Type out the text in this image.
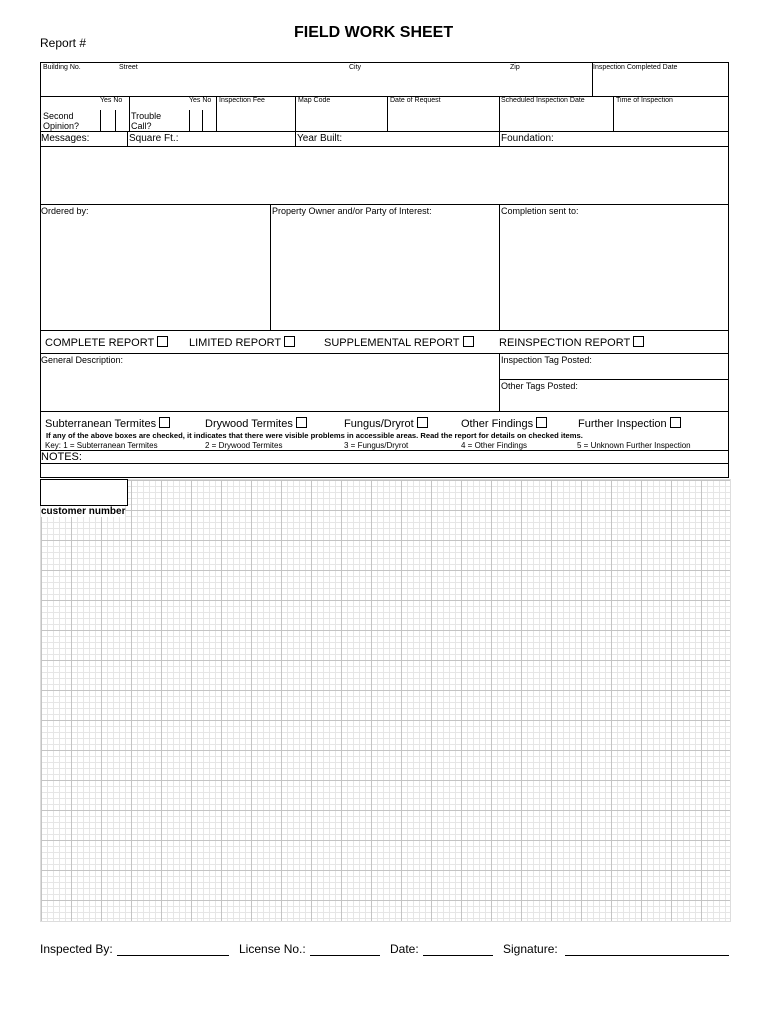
FIELD WORK SHEET
Report #
Building No.	Street	City	Zip	Inspection Completed Date
Yes No	Yes No
Second
Opinion?
Trouble
Call?
Inspection Fee	Map Code	Date of Request	Scheduled Inspection Date	Time of Inspection
Messages:	Square Ft.:	Year Built:	Foundation:
Ordered by:	Property Owner and/or Party of Interest:	Completion sent to:
COMPLETE REPORT	LIMITED REPORT	SUPPLEMENTAL REPORT	REINSPECTION REPORT
General Description:	Inspection Tag Posted:
Other Tags Posted:
Subterranean Termites	Drywood Termites	Fungus/Dryrot	Other Findings	Further Inspection
If any of the above boxes are checked, it indicates that there were visible problems in accessible areas. Read the report for details on checked items.
Key: 1 = Subterranean Termites	2 = Drywood Termites	3 = Fungus/Dryrot	4 = Other Findings	5 = Unknown Further Inspection
NOTES:
customer number
Inspected By:	License No.:	Date:	Signature:
